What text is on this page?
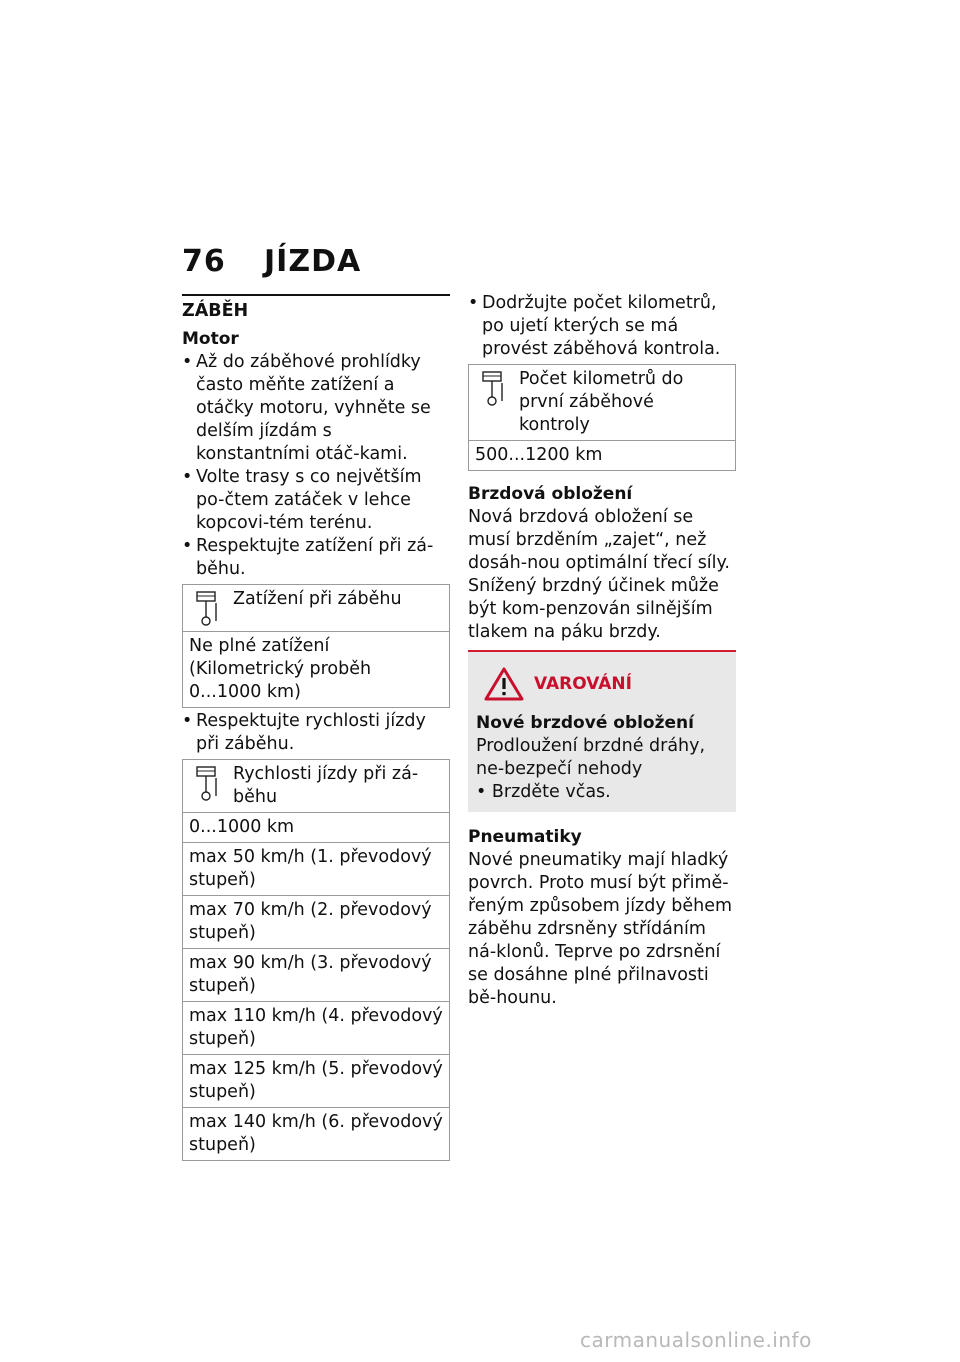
76 JÍZDA
ZÁBĚH
Motor
• Až do záběhové prohlídky často měňte zatížení a otáčky motoru, vyhněte se delším jízdám s konstantními otáč-kami.
• Volte trasy s co největším po-čtem zatáček v lehce kopcovi-tém terénu.
• Respektujte zatížení při zá-běhu.
Zatížení při záběhu

Ne plné zatížení (Kilometrický proběh 0...1000 km)
• Respektujte rychlosti jízdy při záběhu.
Rychlosti jízdy při zá-běhu

0...1000 km
max 50 km/h (1. převodový stupeň)
max 70 km/h (2. převodový stupeň)
max 90 km/h (3. převodový stupeň)
max 110 km/h (4. převodový stupeň)
max 125 km/h (5. převodový stupeň)
max 140 km/h (6. převodový stupeň)
• Dodržujte počet kilometrů, po ujetí kterých se má provést záběhová kontrola.
Počet kilometrů do první záběhové kontroly

500...1200 km
Brzdová obložení

Nová brzdová obložení se musí brzděním „zajet“, než dosáh-nou optimální třecí síly. Snížený brzdný účinek může být kom-penzován silnějším tlakem na páku brzdy.

VAROVÁNÍ
Nové brzdové obložení
Prodloužení brzdné dráhy, ne-bezpečí nehody
• Brzděte včas.
Pneumatiky

Nové pneumatiky mají hladký povrch. Proto musí být přimě-řeným způsobem jízdy během záběhu zdrsněny střídáním ná-klonů. Teprve po zdrsnění se dosáhne plné přilnavosti bě-hounu.

carmanualsonline.info
